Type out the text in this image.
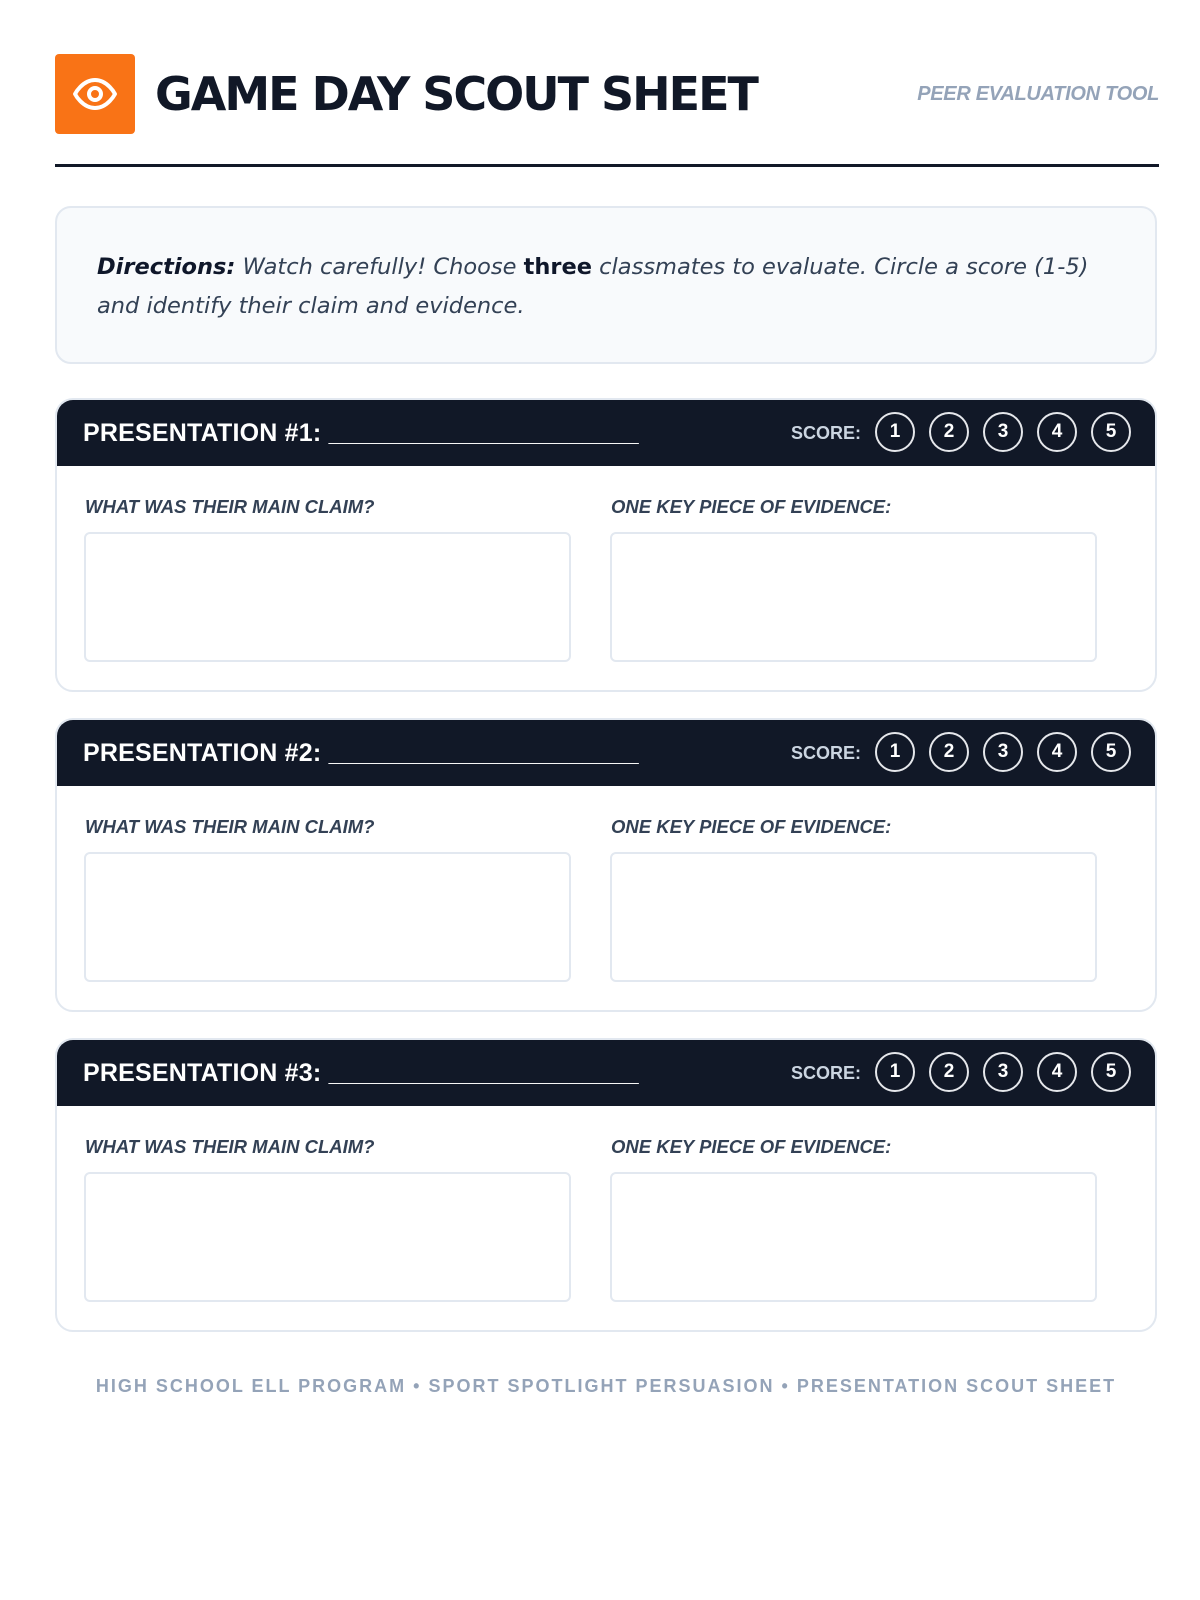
GAME DAY SCOUT SHEET	PEER EVALUATION TOOL

Directions: Watch carefully! Choose three classmates to evaluate. Circle a score (1-5) and identify their claim and evidence.

PRESENTATION #1: ______________________	SCORE:	1	2	3	4	5
WHAT WAS THEIR MAIN CLAIM?	ONE KEY PIECE OF EVIDENCE:
PRESENTATION #2: ______________________	SCORE:	1	2	3	4	5
WHAT WAS THEIR MAIN CLAIM?	ONE KEY PIECE OF EVIDENCE:
PRESENTATION #3: ______________________	SCORE:	1	2	3	4	5
WHAT WAS THEIR MAIN CLAIM?	ONE KEY PIECE OF EVIDENCE:
HIGH SCHOOL ELL PROGRAM • SPORT SPOTLIGHT PERSUASION • PRESENTATION SCOUT SHEET
